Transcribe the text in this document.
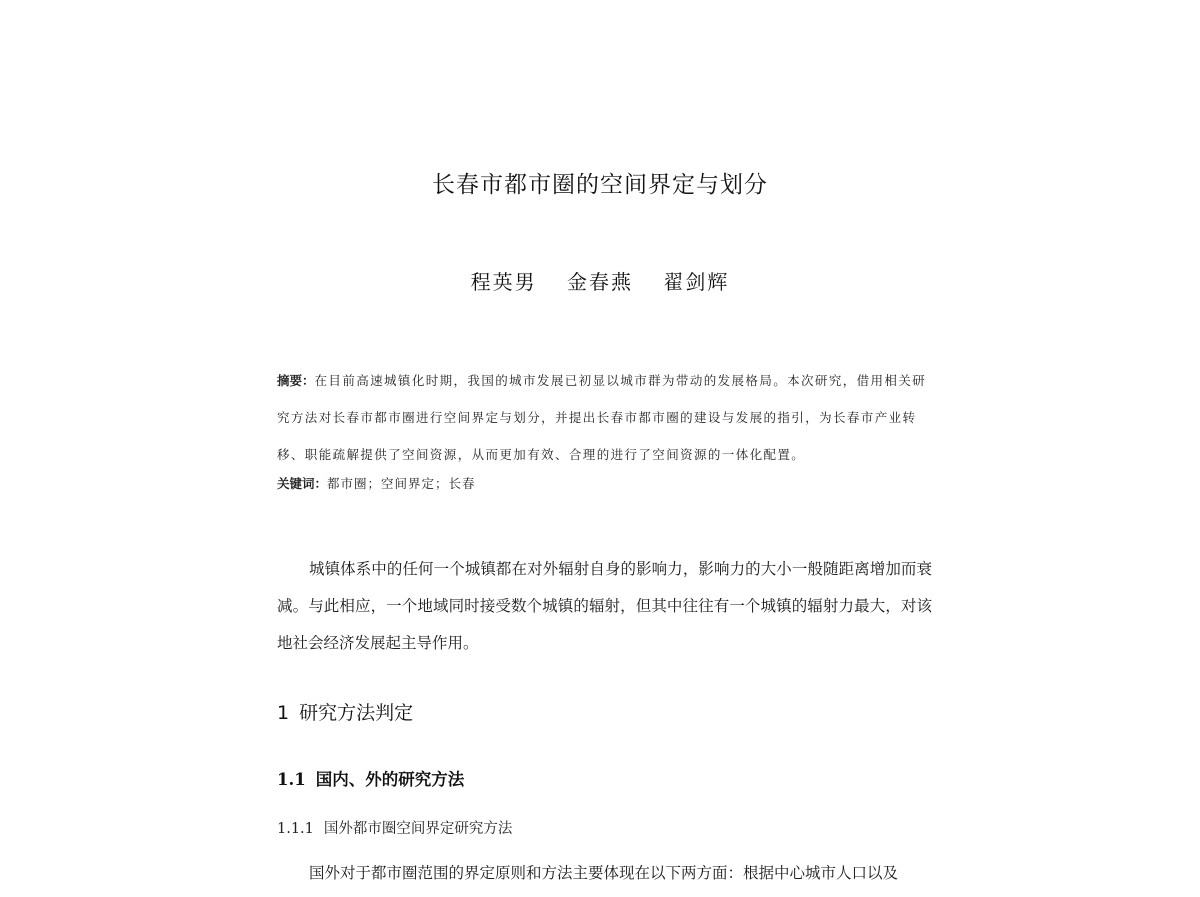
长春市都市圈的空间界定与划分
程英男 金春燕 翟剑辉
摘要：在目前高速城镇化时期，我国的城市发展已初显以城市群为带动的发展格局。本次研究，借用相关研究方法对长春市都市圈进行空间界定与划分，并提出长春市都市圈的建设与发展的指引，为长春市产业转移、职能疏解提供了空间资源，从而更加有效、合理的进行了空间资源的一体化配置。
关键词：都市圈；空间界定；长春
城镇体系中的任何一个城镇都在对外辐射自身的影响力，影响力的大小一般随距离增加而衰减。与此相应，一个地域同时接受数个城镇的辐射，但其中往往有一个城镇的辐射力最大，对该地社会经济发展起主导作用。
1 研究方法判定
1.1 国内、外的研究方法
1.1.1 国外都市圈空间界定研究方法
国外对于都市圈范围的界定原则和方法主要体现在以下两方面：根据中心城市人口以及
